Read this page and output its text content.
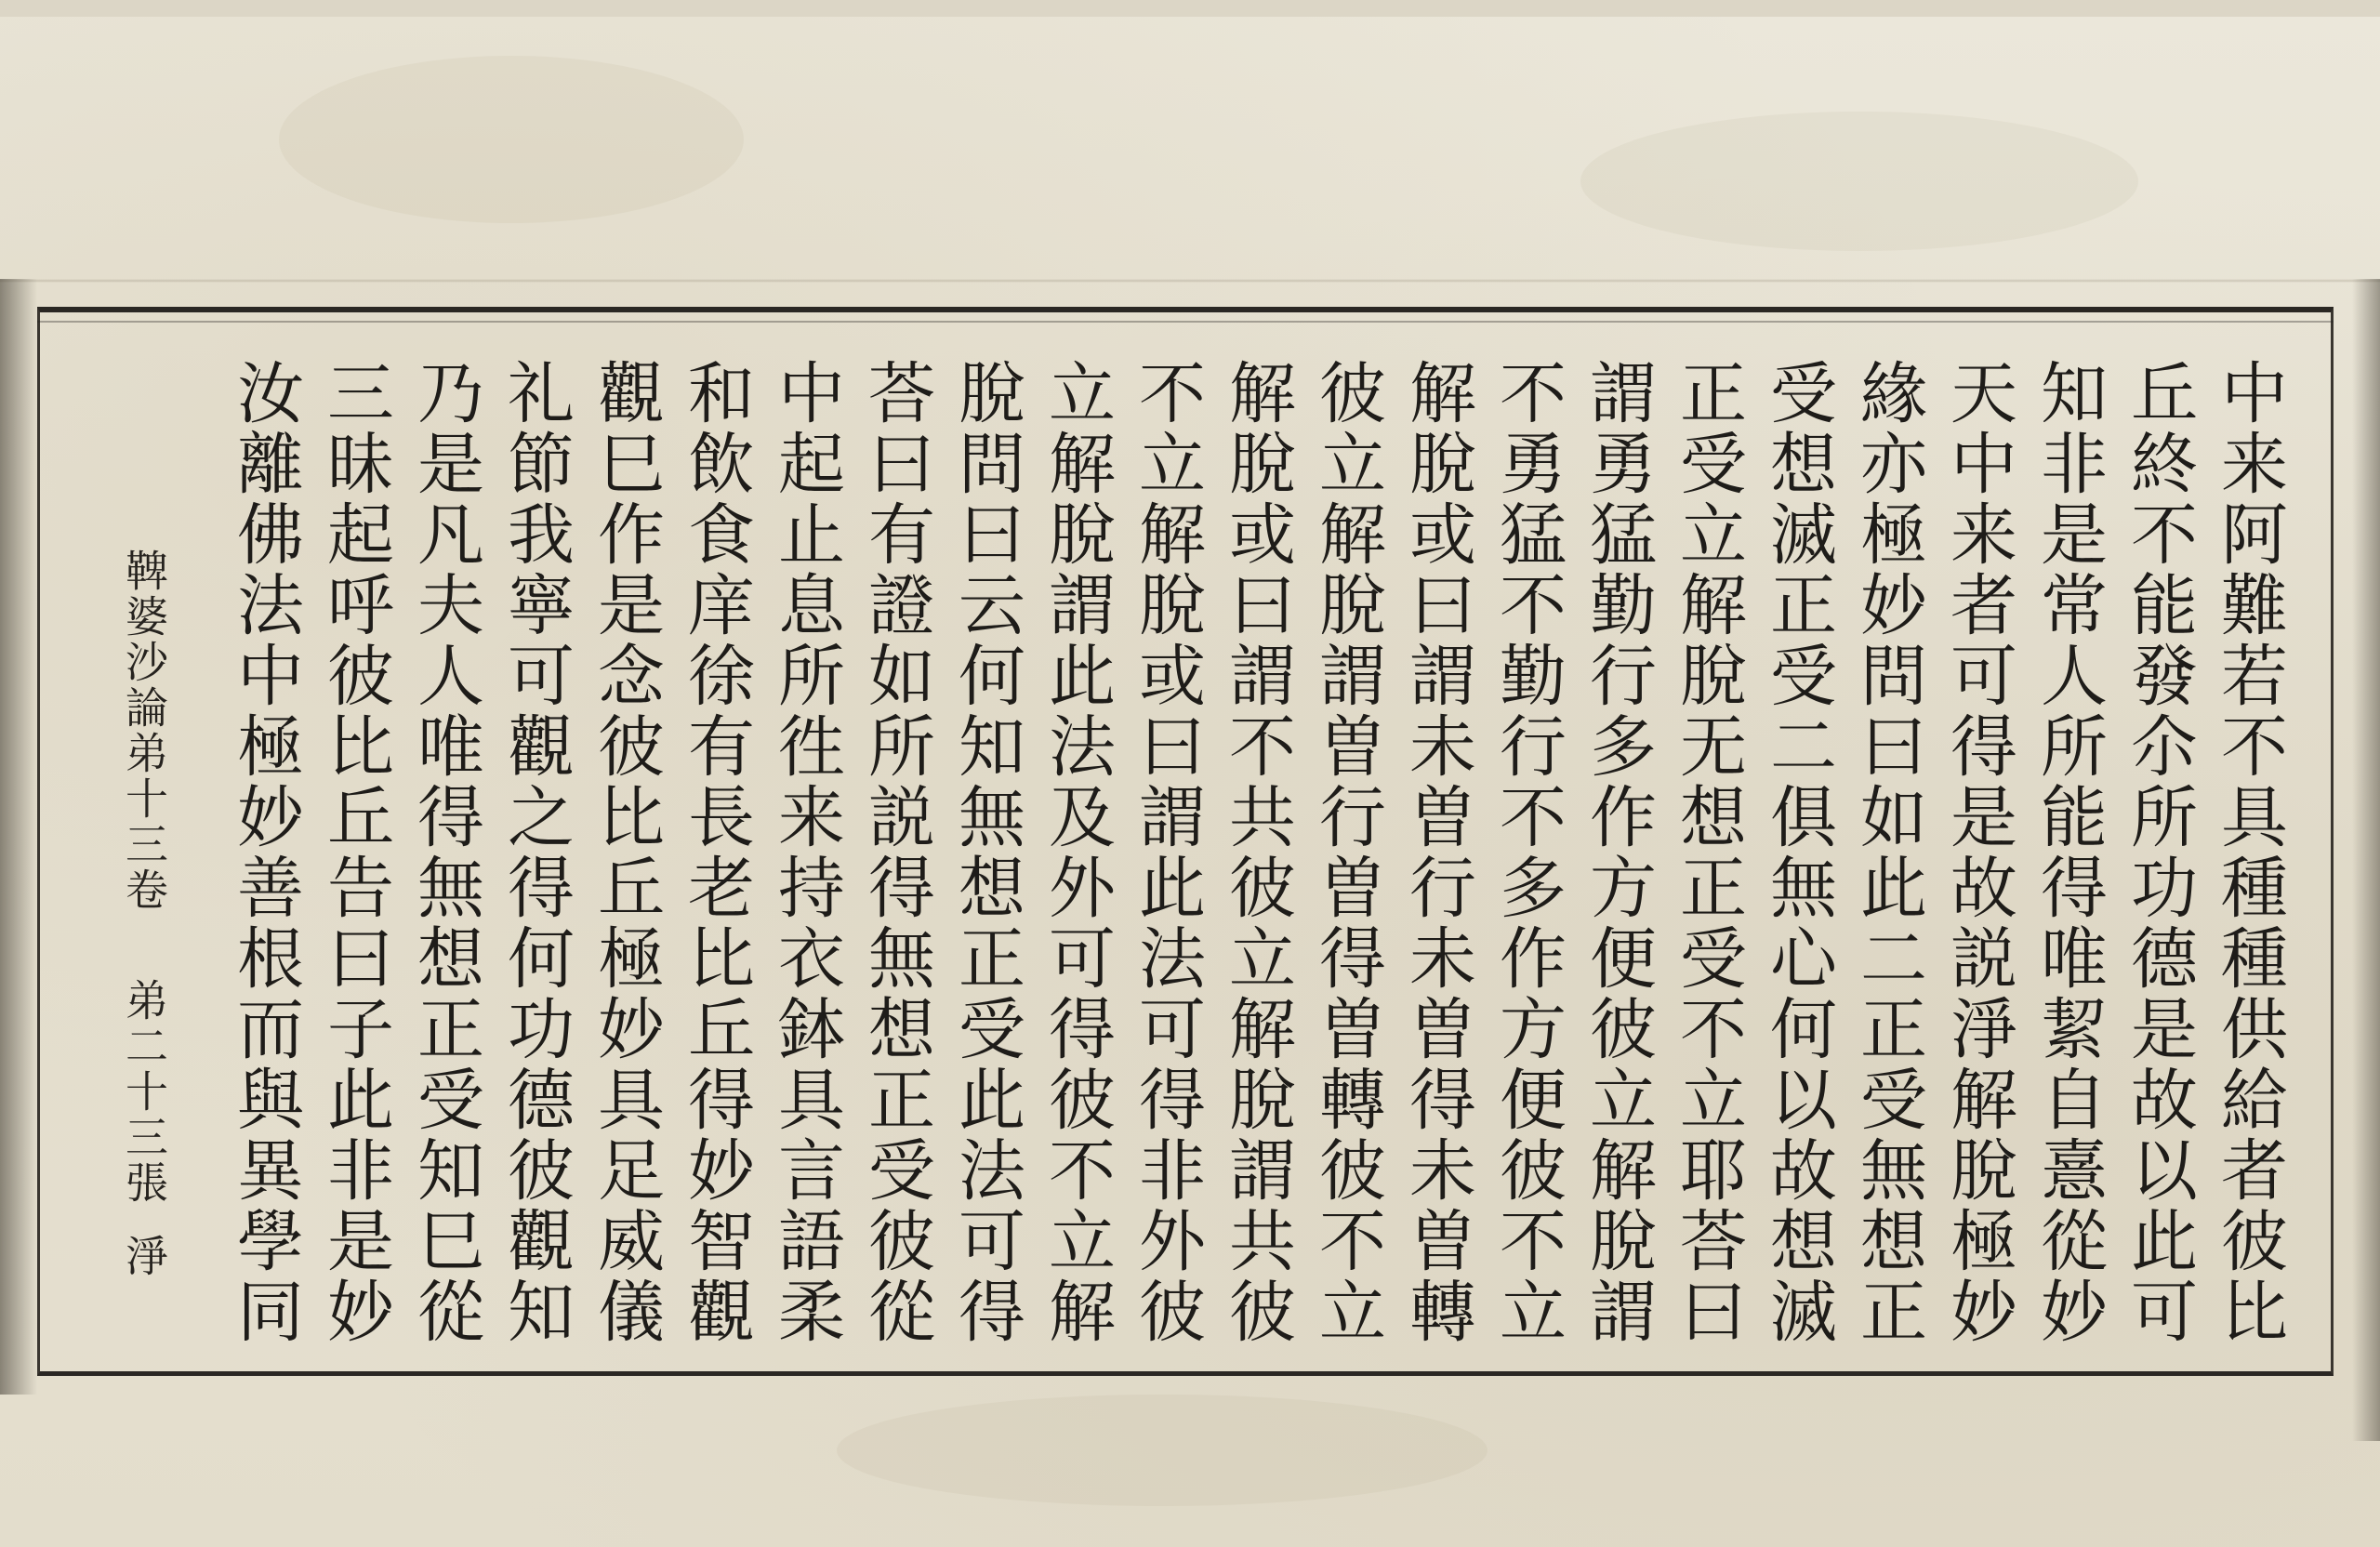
中来阿難若不具種種供給者彼比
丘終不能發尒所功德是故以此可
知非是常人所能得唯絜自憙從妙
天中来者可得是故説淨解脫極妙
緣亦極妙問曰如此二正受無想正
受想滅正受二俱無心何以故想滅
正受立解脫无想正受不立耶荅曰
謂勇猛勤行多作方便彼立解脫謂
不勇猛不勤行不多作方便彼不立
解脫或曰謂未曽行未曽得未曽轉
彼立解脫謂曽行曽得曽轉彼不立
解脫或曰謂不共彼立解脫謂共彼
不立解脫或曰謂此法可得非外彼
立解脫謂此法及外可得彼不立解
脫問曰云何知無想正受此法可得
荅曰有證如所説得無想正受彼從
中起止息所徃来持衣鉢具言語柔
和飲食庠徐有長老比丘得妙智觀
觀巳作是念彼比丘極妙具足威儀
礼節我寧可觀之得何功德彼觀知
乃是凡夫人唯得無想正受知巳從
三昧起呼彼比丘告曰子此非是妙
汝離佛法中極妙善根而與異學同
鞞婆沙論弟十三卷弟二十三張淨
